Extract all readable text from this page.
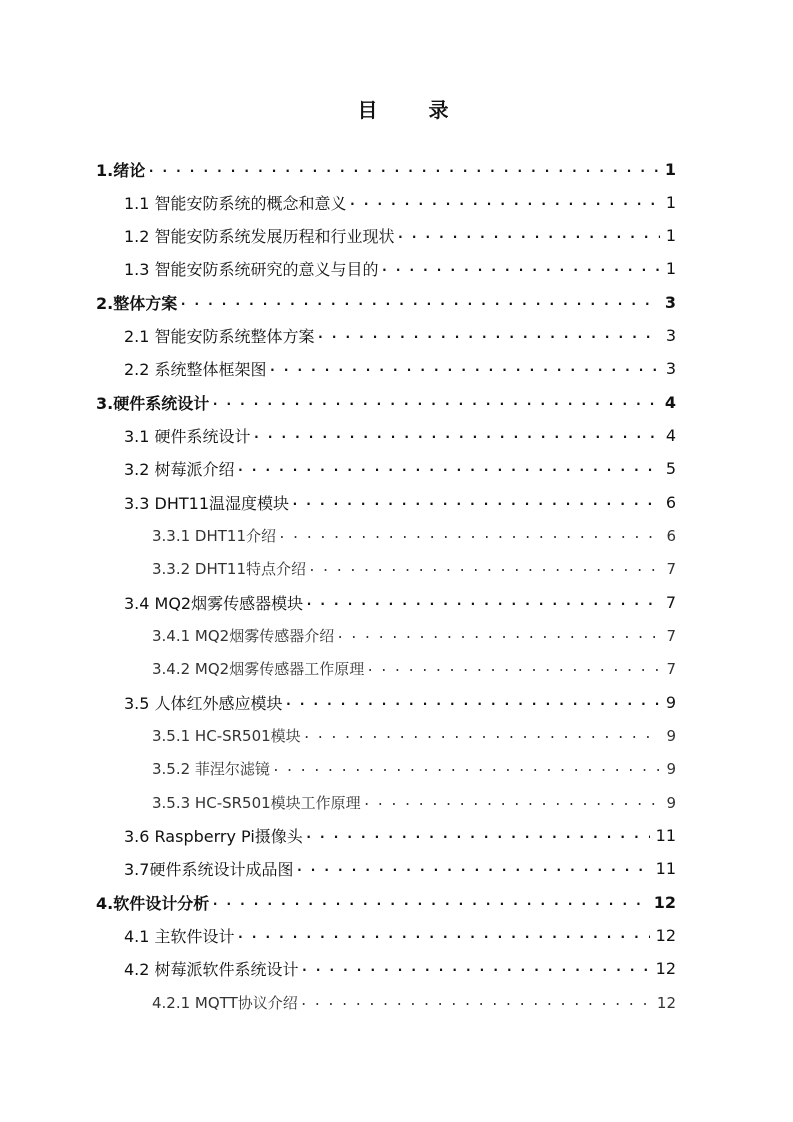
目 录
1.绪论 . . .	1
1.1 智能安防系统的概念和意义 . . .	1
1.2 智能安防系统发展历程和行业现状 . . .	1
1.3 智能安防系统研究的意义与目的 . . .	1
2.整体方案 . . .	3
2.1 智能安防系统整体方案 . . .	3
2.2 系统整体框架图 . . .	3
3.硬件系统设计 . . .	4
3.1 硬件系统设计 . . .	4
3.2 树莓派介绍 . . .	5
3.3 DHT11温湿度模块 . . .	6
3.3.1 DHT11介绍 . . .	6
3.3.2 DHT11特点介绍 . . .	7
3.4 MQ2烟雾传感器模块 . . .	7
3.4.1 MQ2烟雾传感器介绍 . . .	7
3.4.2 MQ2烟雾传感器工作原理 . . .	7
3.5 人体红外感应模块 . . .	9
3.5.1 HC-SR501模块 . . .	9
3.5.2 菲涅尔滤镜 . . .	9
3.5.3 HC-SR501模块工作原理 . . .	9
3.6 Raspberry Pi摄像头 . . .	11
3.7硬件系统设计成品图 . . .	11
4.软件设计分析 . . .	12
4.1 主软件设计 . . .	12
4.2 树莓派软件系统设计 . . .	12
4.2.1 MQTT协议介绍 . . .	12
